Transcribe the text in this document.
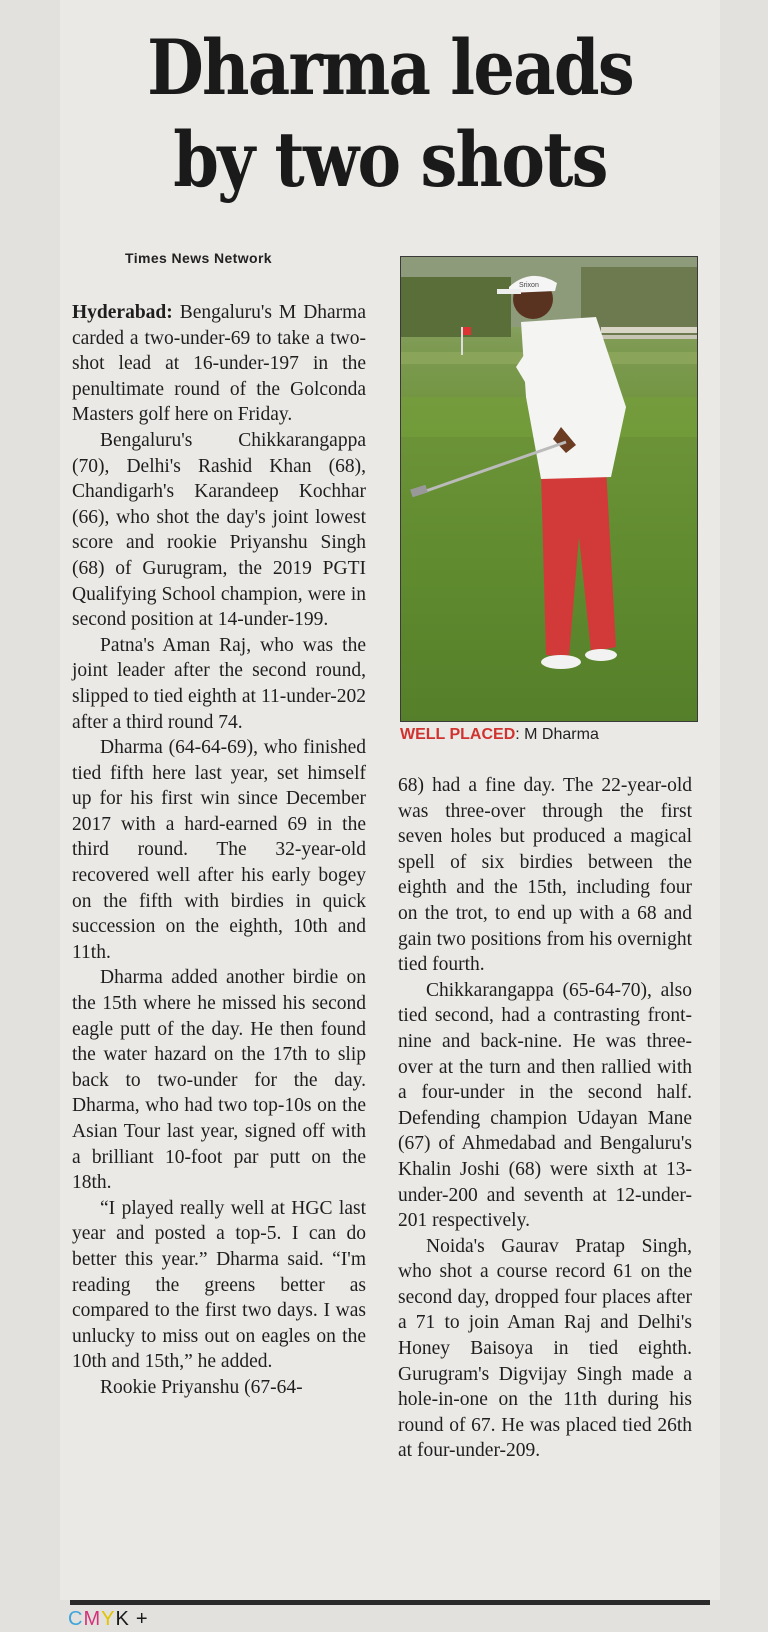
Dharma leads
by two shots
Times News Network

Hyderabad: Bengaluru's M Dharma carded a two-under-69 to take a two-shot lead at 16-under-197 in the penultimate round of the Golconda Masters golf here on Friday.

Bengaluru's Chikkarangappa (70), Delhi's Rashid Khan (68), Chandigarh's Karandeep Kochhar (66), who shot the day's joint lowest score and rookie Priyanshu Singh (68) of Gurugram, the 2019 PGTI Qualifying School champion, were in second position at 14-under-199.

Patna's Aman Raj, who was the joint leader after the second round, slipped to tied eighth at 11-under-202 after a third round 74.

Dharma (64-64-69), who finished tied fifth here last year, set himself up for his first win since December 2017 with a hard-earned 69 in the third round. The 32-year-old recovered well after his early bogey on the fifth with birdies in quick succession on the eighth, 10th and 11th.

Dharma added another birdie on the 15th where he missed his second eagle putt of the day. He then found the water hazard on the 17th to slip back to two-under for the day. Dharma, who had two top-10s on the Asian Tour last year, signed off with a brilliant 10-foot par putt on the 18th.

“I played really well at HGC last year and posted a top-5. I can do better this year.” Dharma said. “I'm reading the greens better as compared to the first two days. I was unlucky to miss out on eagles on the 10th and 15th,” he added.

Rookie Priyanshu (67-64-

Srixon
WELL PLACED: M Dharma

68) had a fine day. The 22-year-old was three-over through the first seven holes but produced a magical spell of six birdies between the eighth and the 15th, including four on the trot, to end up with a 68 and gain two positions from his overnight tied fourth.

Chikkarangappa (65-64-70), also tied second, had a contrasting front-nine and back-nine. He was three-over at the turn and then rallied with a four-under in the second half. Defending champion Udayan Mane (67) of Ahmedabad and Bengaluru's Khalin Joshi (68) were sixth at 13-under-200 and seventh at 12-under-201 respectively.

Noida's Gaurav Pratap Singh, who shot a course record 61 on the second day, dropped four places after a 71 to join Aman Raj and Delhi's Honey Baisoya in tied eighth. Gurugram's Digvijay Singh made a hole-in-one on the 11th during his round of 67. He was placed tied 26th at four-under-209.

CMYK +
